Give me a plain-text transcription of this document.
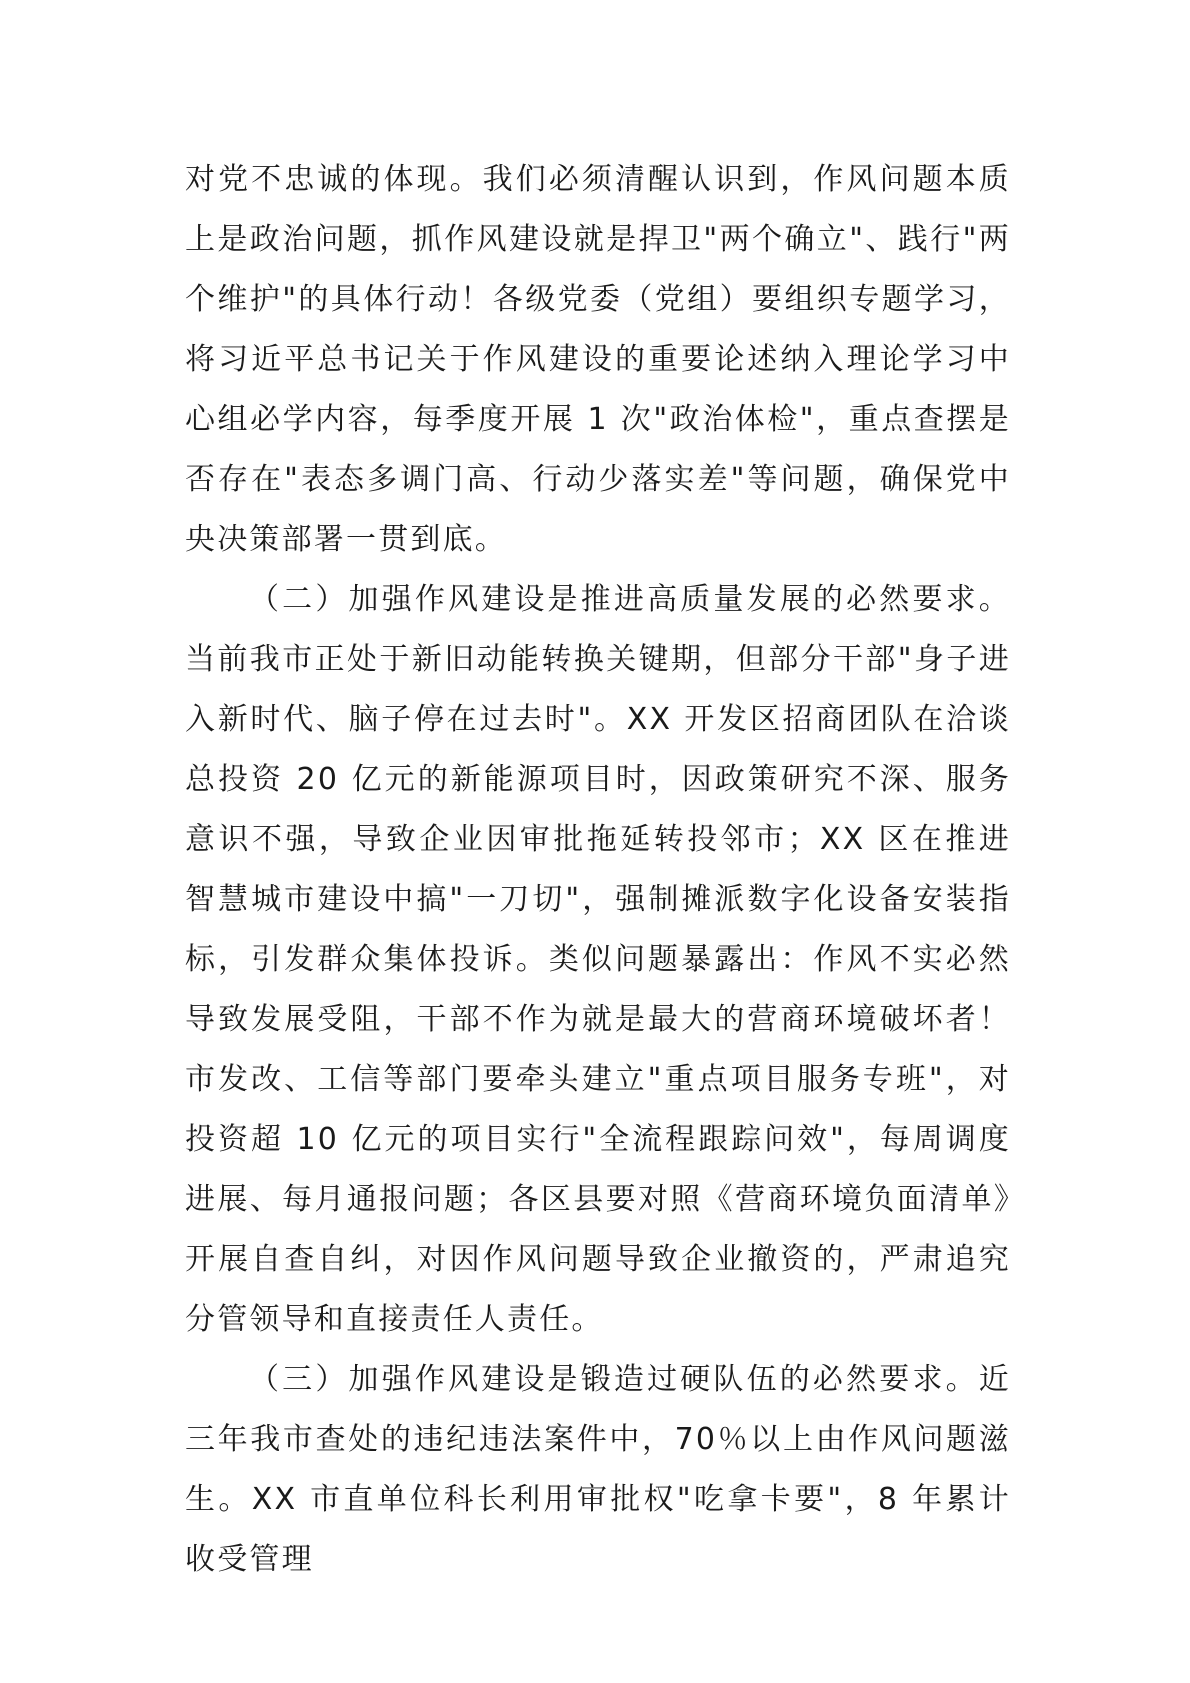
对党不忠诚的体现。我们必须清醒认识到，作风问题本质上是政治问题，抓作风建设就是捍卫"两个确立"、践行"两个维护"的具体行动！各级党委（党组）要组织专题学习，将习近平总书记关于作风建设的重要论述纳入理论学习中心组必学内容，每季度开展 1 次"政治体检"，重点查摆是否存在"表态多调门高、行动少落实差"等问题，确保党中央决策部署一贯到底。

（二）加强作风建设是推进高质量发展的必然要求。当前我市正处于新旧动能转换关键期，但部分干部"身子进入新时代、脑子停在过去时"。XX 开发区招商团队在洽谈总投资 20 亿元的新能源项目时，因政策研究不深、服务意识不强，导致企业因审批拖延转投邻市；XX 区在推进智慧城市建设中搞"一刀切"，强制摊派数字化设备安装指标，引发群众集体投诉。类似问题暴露出：作风不实必然导致发展受阻，干部不作为就是最大的营商环境破坏者！市发改、工信等部门要牵头建立"重点项目服务专班"，对投资超 10 亿元的项目实行"全流程跟踪问效"，每周调度进展、每月通报问题；各区县要对照《营商环境负面清单》开展自查自纠，对因作风问题导致企业撤资的，严肃追究分管领导和直接责任人责任。

（三）加强作风建设是锻造过硬队伍的必然要求。近三年我市查处的违纪违法案件中，70％以上由作风问题滋生。XX 市直单位科长利用审批权"吃拿卡要"，8 年累计收受管理
